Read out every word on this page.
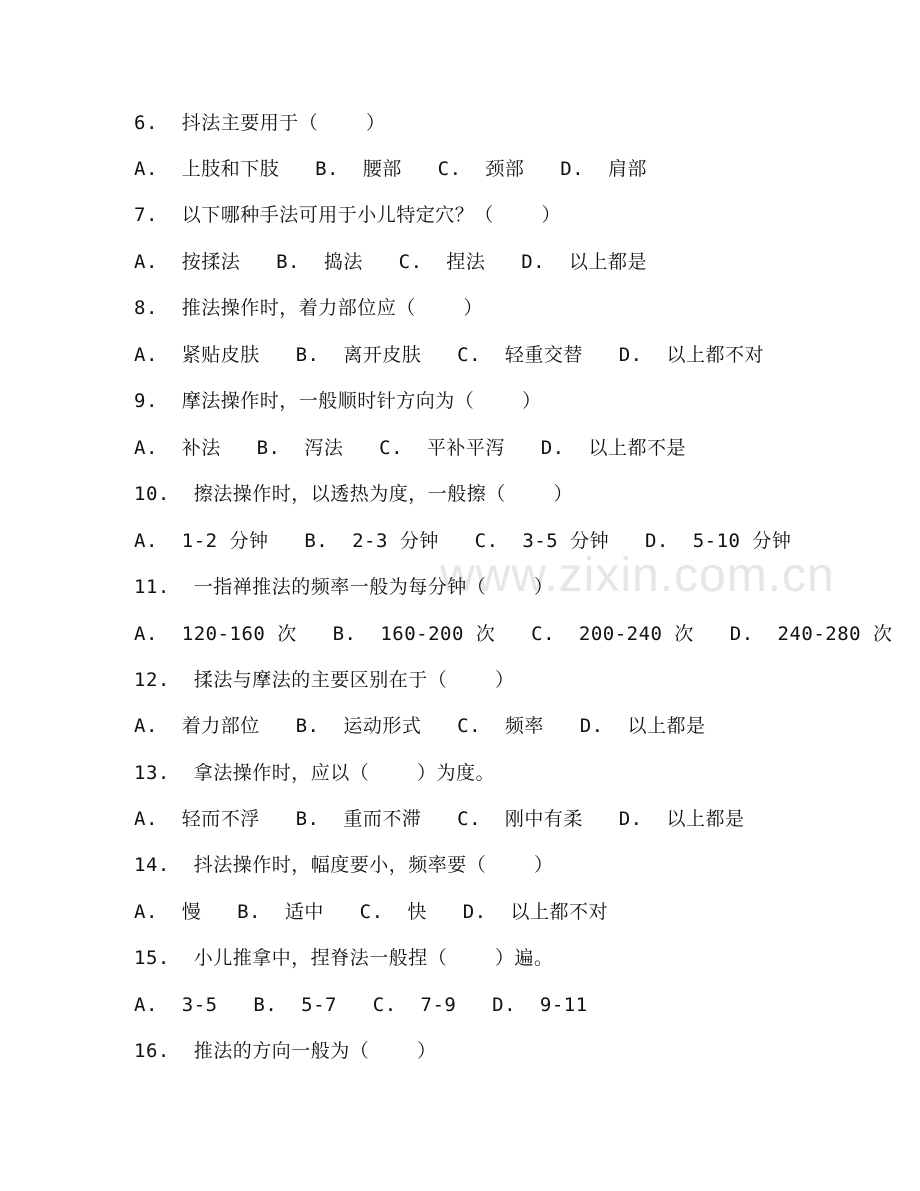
www.zixin.com.cn
6.  抖法主要用于（    ）
A.  上肢和下肢   B.  腰部   C.  颈部   D.  肩部
7.  以下哪种手法可用于小儿特定穴？（    ）
A.  按揉法   B.  捣法   C.  捏法   D.  以上都是
8.  推法操作时，着力部位应（    ）
A.  紧贴皮肤   B.  离开皮肤   C.  轻重交替   D.  以上都不对
9.  摩法操作时，一般顺时针方向为（    ）
A.  补法   B.  泻法   C.  平补平泻   D.  以上都不是
10.  擦法操作时，以透热为度，一般擦（    ）
A.  1-2 分钟   B.  2-3 分钟   C.  3-5 分钟   D.  5-10 分钟
11.  一指禅推法的频率一般为每分钟（    ）
A.  120-160 次   B.  160-200 次   C.  200-240 次   D.  240-280 次
12.  揉法与摩法的主要区别在于（    ）
A.  着力部位   B.  运动形式   C.  频率   D.  以上都是
13.  拿法操作时，应以（    ）为度。
A.  轻而不浮   B.  重而不滞   C.  刚中有柔   D.  以上都是
14.  抖法操作时，幅度要小，频率要（    ）
A.  慢   B.  适中   C.  快   D.  以上都不对
15.  小儿推拿中，捏脊法一般捏（    ）遍。
A.  3-5   B.  5-7   C.  7-9   D.  9-11
16.  推法的方向一般为（    ）
